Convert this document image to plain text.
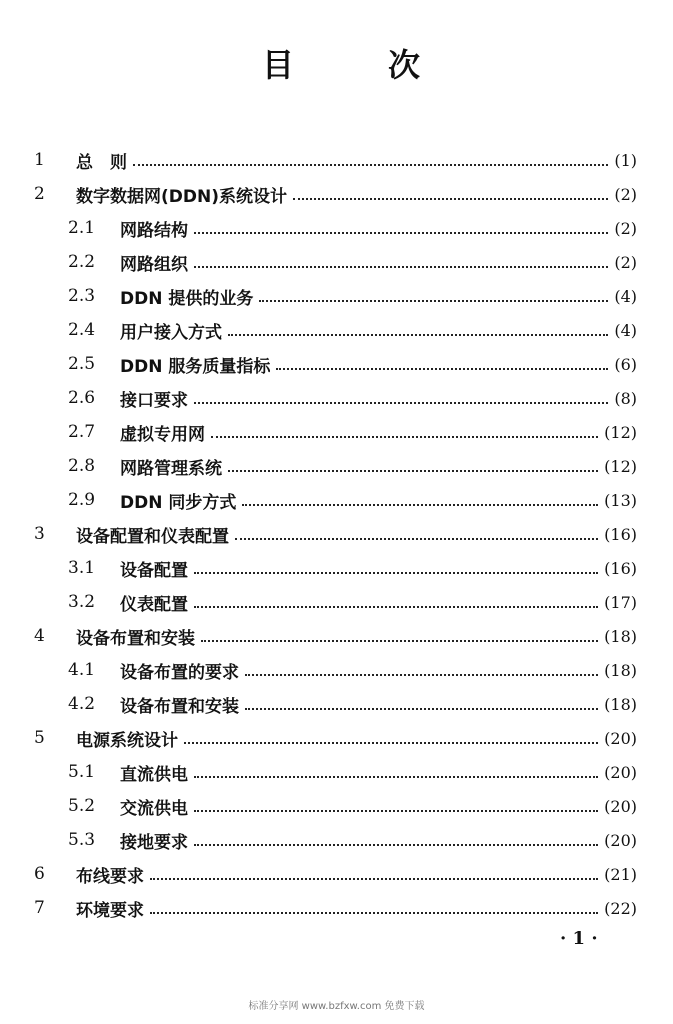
目	次
1	总　则	(1)
2	数字数据网(DDN)系统设计	(2)
2.1	网路结构	(2)
2.2	网路组织	(2)
2.3	DDN 提供的业务	(4)
2.4	用户接入方式	(4)
2.5	DDN 服务质量指标	(6)
2.6	接口要求	(8)
2.7	虚拟专用网	(12)
2.8	网路管理系统	(12)
2.9	DDN 同步方式	(13)
3	设备配置和仪表配置	(16)
3.1	设备配置	(16)
3.2	仪表配置	(17)
4	设备布置和安装	(18)
4.1	设备布置的要求	(18)
4.2	设备布置和安装	(18)
5	电源系统设计	(20)
5.1	直流供电	(20)
5.2	交流供电	(20)
5.3	接地要求	(20)
6	布线要求	(21)
7	环境要求	(22)
· 1 ·
标准分享网 www.bzfxw.com 免费下载
